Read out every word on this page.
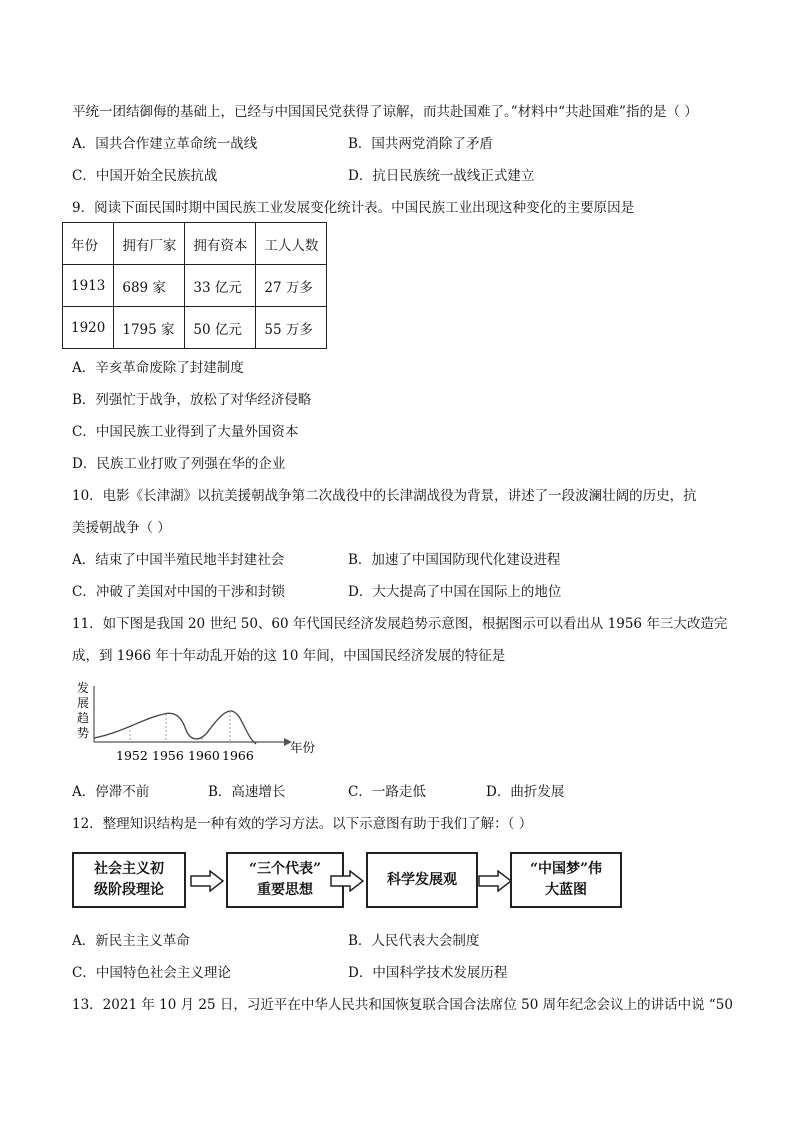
平统一团结御侮的基础上，已经与中国国民党获得了谅解，而共赴国难了。”材料中“共赴国难”指的是（ ）
A．国共合作建立革命统一战线	B．国共两党消除了矛盾
C．中国开始全民族抗战	D．抗日民族统一战线正式建立
9．阅读下面民国时期中国民族工业发展变化统计表。中国民族工业出现这种变化的主要原因是
年份	拥有厂家	拥有资本	工人人数
1913	689 家	33 亿元	27 万多
1920	1795 家	50 亿元	55 万多
A．辛亥革命废除了封建制度
B．列强忙于战争，放松了对华经济侵略
C．中国民族工业得到了大量外国资本
D．民族工业打败了列强在华的企业
10．电影《长津湖》以抗美援朝战争第二次战役中的长津湖战役为背景，讲述了一段波澜壮阔的历史，抗
美援朝战争（ ）
A．结束了中国半殖民地半封建社会	B．加速了中国国防现代化建设进程
C．冲破了美国对中国的干涉和封锁	D．大大提高了中国在国际上的地位
11．如下图是我国 20 世纪 50、60 年代国民经济发展趋势示意图，根据图示可以看出从 1956 年三大改造完
成，到 1966 年十年动乱开始的这 10 年间，中国国民经济发展的特征是
发
展
趋
势
1952 1956 1960 1966
年份
A．停滞不前	B．高速增长	C．一路走低	D．曲折发展
12．整理知识结构是一种有效的学习方法。以下示意图有助于我们了解：（ ）
社会主义初
级阶段理论
“三个代表”
重要思想
科学发展观
“中国梦”伟
大蓝图
A．新民主主义革命	B．人民代表大会制度
C．中国特色社会主义理论	D．中国科学技术发展历程
13．2021 年 10 月 25 日，习近平在中华人民共和国恢复联合国合法席位 50 周年纪念会议上的讲话中说 “50
